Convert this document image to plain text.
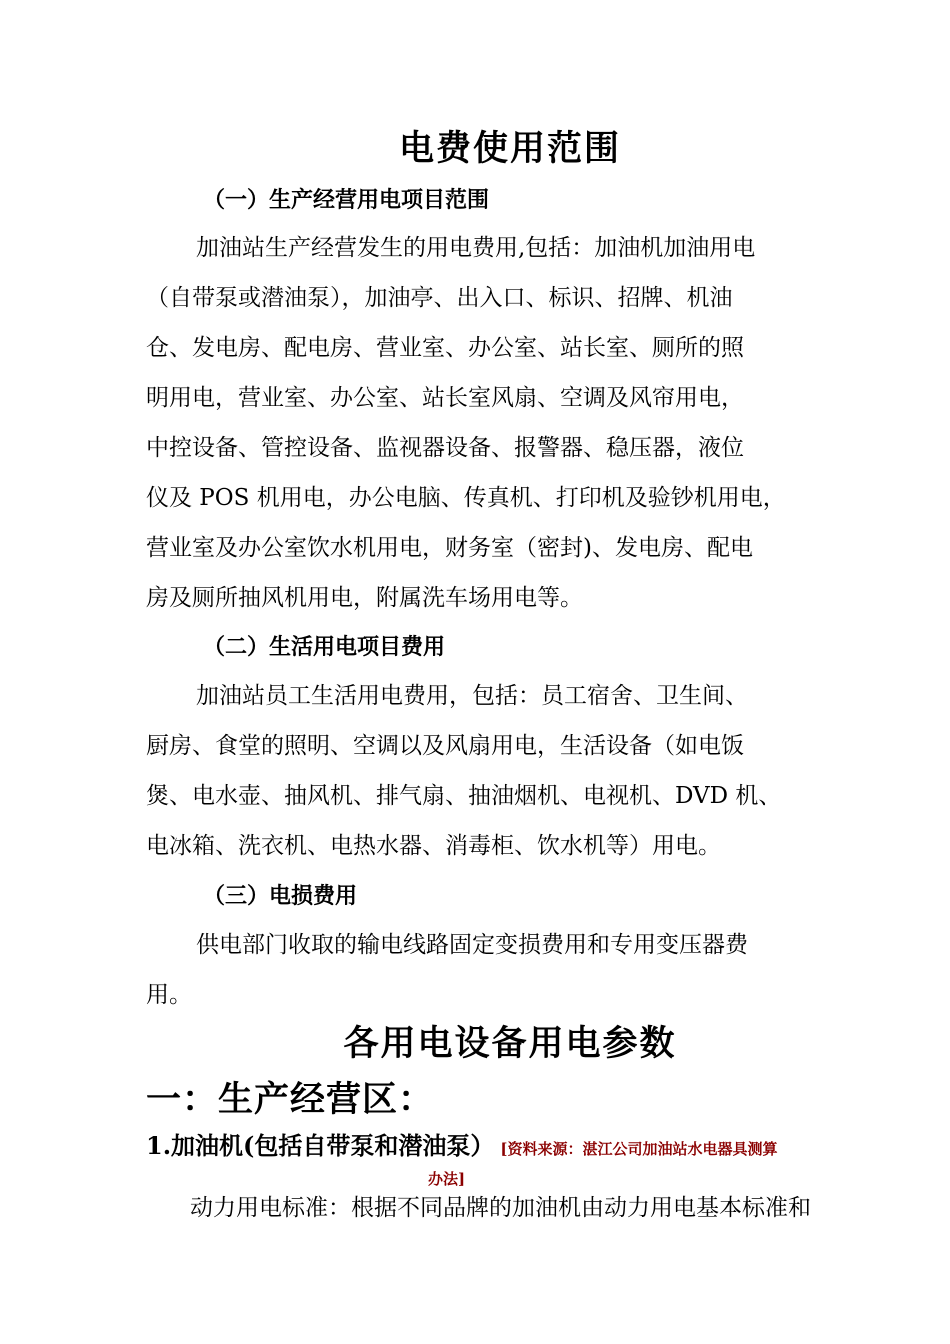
电费使用范围
（一）生产经营用电项目范围
加油站生产经营发生的用电费用,包括：加油机加油用电
（自带泵或潜油泵），加油亭、出入口、标识、招牌、机油
仓、发电房、配电房、营业室、办公室、站长室、厕所的照
明用电，营业室、办公室、站长室风扇、空调及风帘用电，
中控设备、管控设备、监视器设备、报警器、稳压器，液位
仪及 POS 机用电，办公电脑、传真机、打印机及验钞机用电，
营业室及办公室饮水机用电，财务室（密封)、发电房、配电
房及厕所抽风机用电，附属洗车场用电等。
（二）生活用电项目费用
加油站员工生活用电费用，包括：员工宿舍、卫生间、
厨房、食堂的照明、空调以及风扇用电，生活设备（如电饭
煲、电水壶、抽风机、排气扇、抽油烟机、电视机、DVD 机、
电冰箱、洗衣机、电热水器、消毒柜、饮水机等）用电。
（三）电损费用
供电部门收取的输电线路固定变损费用和专用变压器费
用。
各用电设备用电参数
一：生产经营区：
1.加油机(包括自带泵和潜油泵） [资料来源：湛江公司加油站水电器具测算
办法]
动力用电标准：根据不同品牌的加油机由动力用电基本标准和
